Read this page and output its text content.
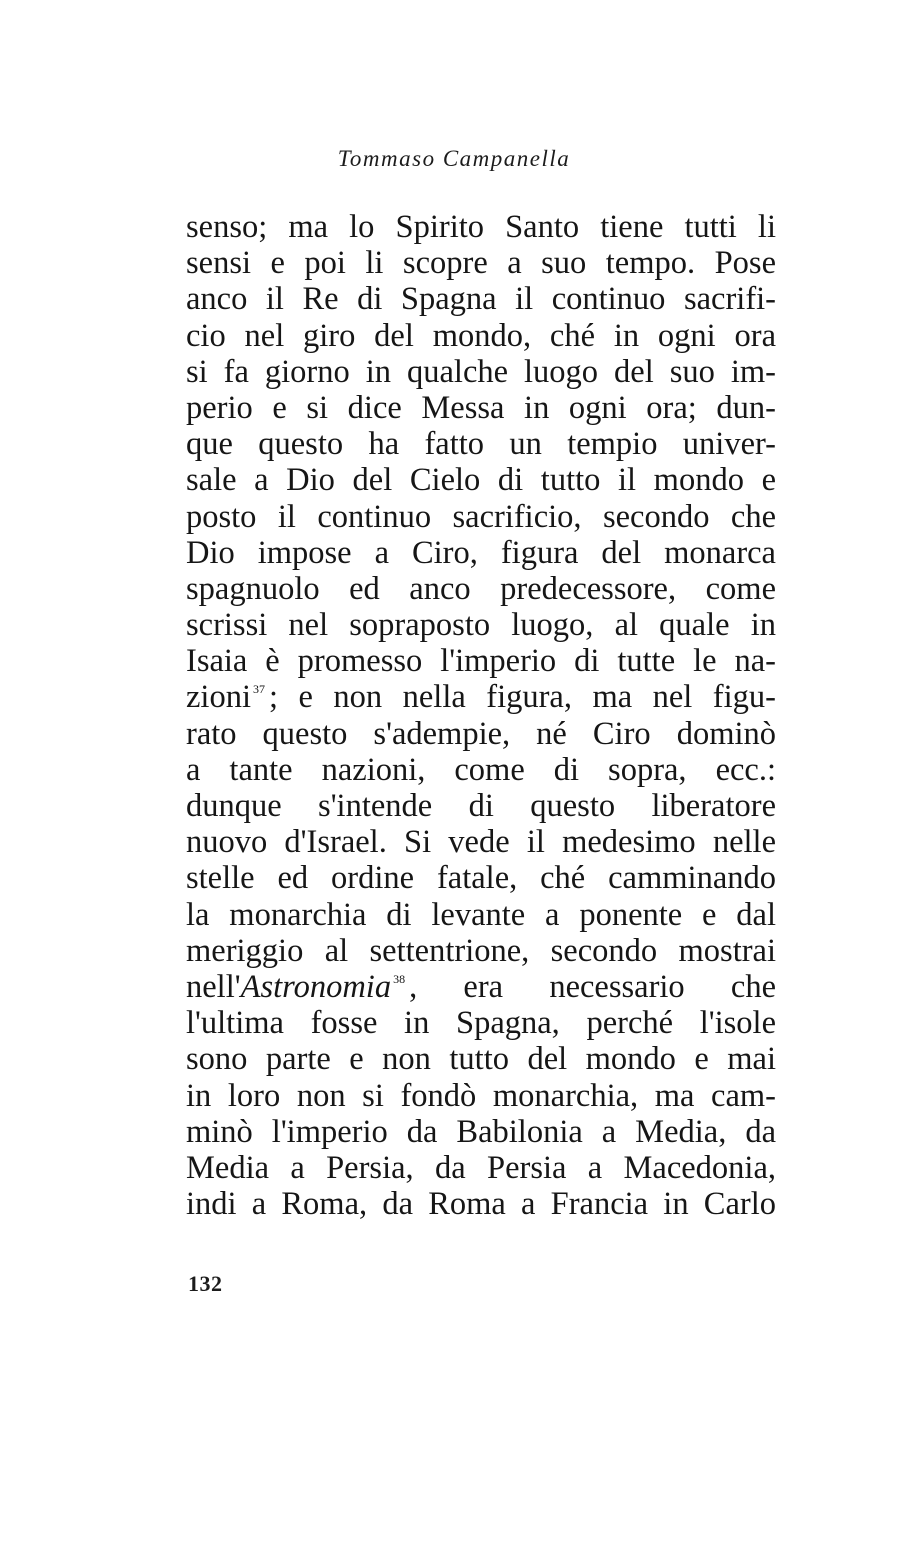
Tommaso Campanella
senso; ma lo Spirito Santo tiene tutti li
sensi e poi li scopre a suo tempo. Pose
anco il Re di Spagna il continuo sacrifi-
cio nel giro del mondo, ché in ogni ora
si fa giorno in qualche luogo del suo im-
perio e si dice Messa in ogni ora; dun-
que questo ha fatto un tempio univer-
sale a Dio del Cielo di tutto il mondo e
posto il continuo sacrificio, secondo che
Dio impose a Ciro, figura del monarca
spagnuolo ed anco predecessore, come
scrissi nel sopraposto luogo, al quale in
Isaia è promesso l'imperio di tutte le na-
zioni $^{37}$ ; e non nella figura, ma nel figu-
rato questo s'adempie, né Ciro dominò
a tante nazioni, come di sopra, ecc.:
dunque s'intende di questo liberatore
nuovo d'Israel. Si vede il medesimo nelle
stelle ed ordine fatale, ché camminando
la monarchia di levante a ponente e dal
meriggio al settentrione, secondo mostrai
nell'Astronomia $^{38}$ , era necessario che
l'ultima fosse in Spagna, perché l'isole
sono parte e non tutto del mondo e mai
in loro non si fondò monarchia, ma cam-
minò l'imperio da Babilonia a Media, da
Media a Persia, da Persia a Macedonia,
indi a Roma, da Roma a Francia in Carlo
132
